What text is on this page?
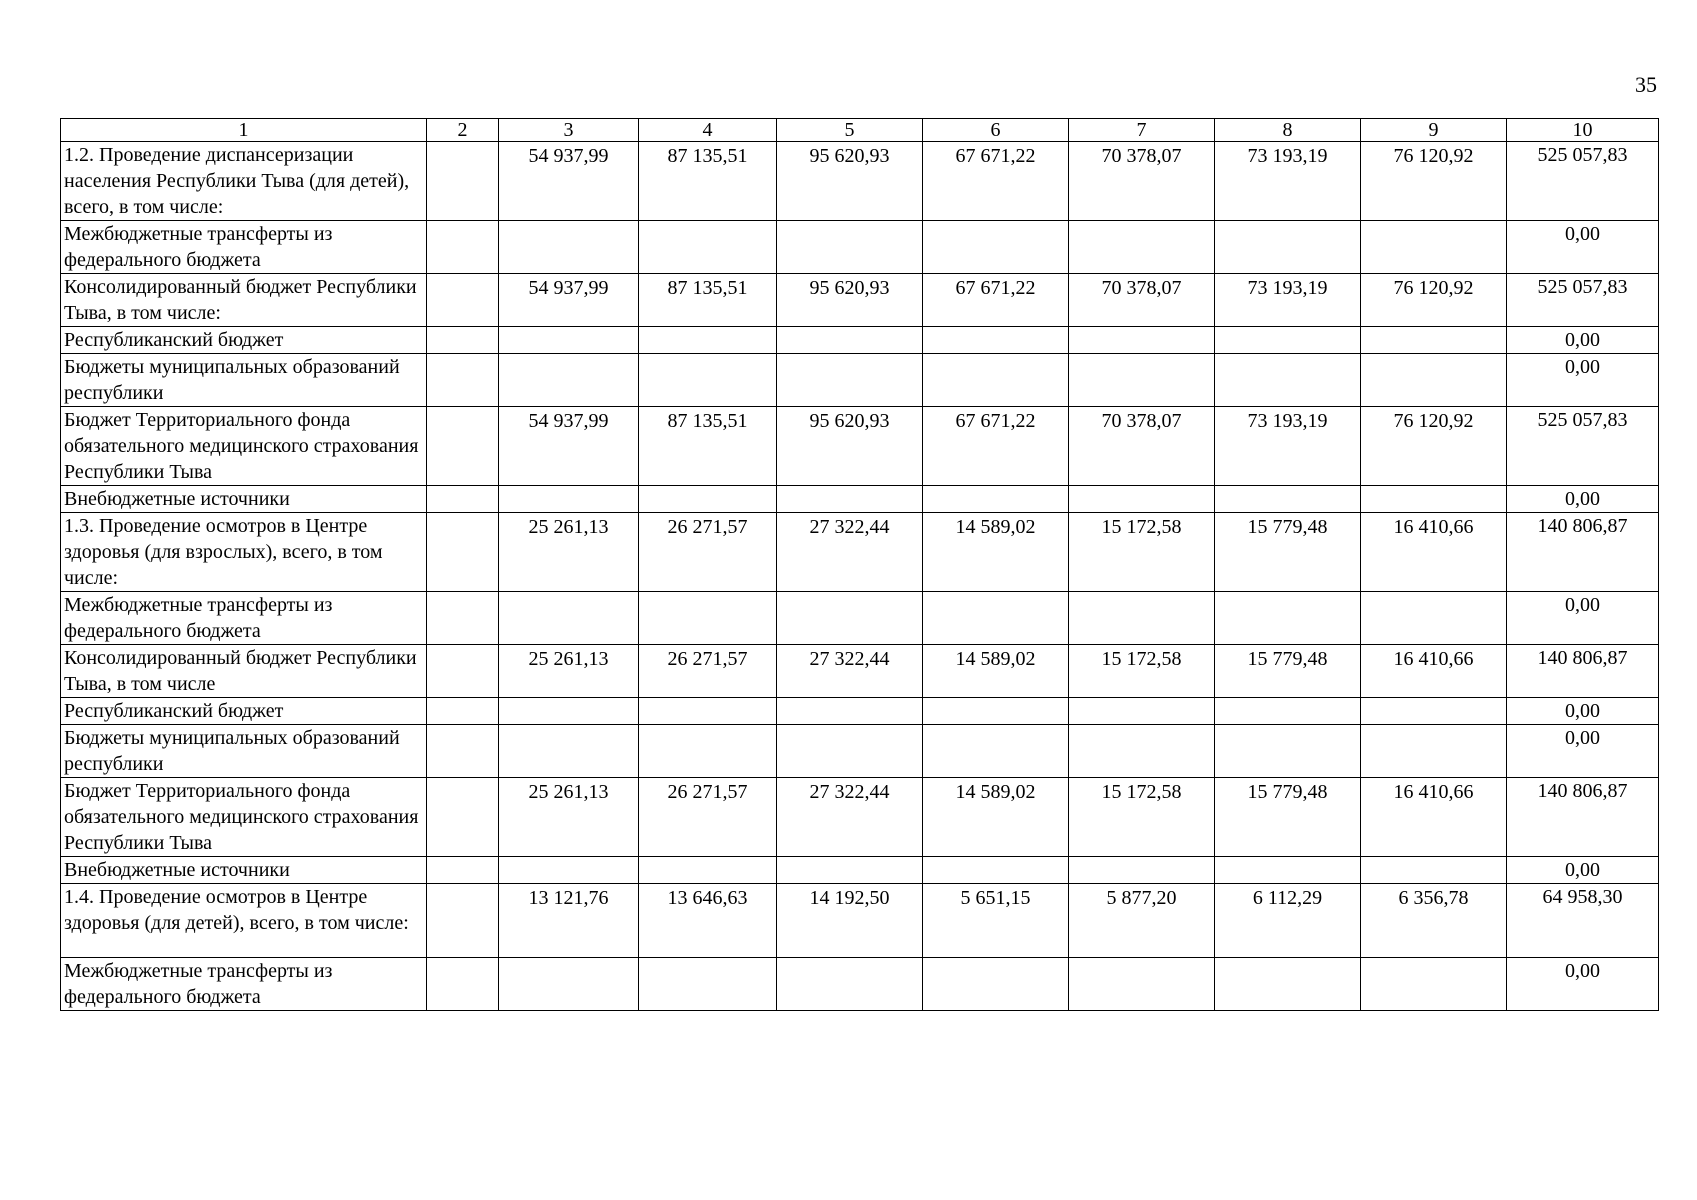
35
1	2	3	4	5	6	7	8	9	10
1.2. Проведение диспансеризации населения Республики Тыва (для детей), всего, в том числе:		54 937,99	87 135,51	95 620,93	67 671,22	70 378,07	73 193,19	76 120,92	525 057,83
Межбюджетные трансферты из федерального бюджета									0,00
Консолидированный бюджет Республики Тыва, в том числе:		54 937,99	87 135,51	95 620,93	67 671,22	70 378,07	73 193,19	76 120,92	525 057,83
Республиканский бюджет									0,00
Бюджеты муниципальных образований республики									0,00
Бюджет Территориального фонда обязательного медицинского страхования Республики Тыва		54 937,99	87 135,51	95 620,93	67 671,22	70 378,07	73 193,19	76 120,92	525 057,83
Внебюджетные источники									0,00
1.3. Проведение осмотров в Центре здоровья (для взрослых), всего, в том числе:		25 261,13	26 271,57	27 322,44	14 589,02	15 172,58	15 779,48	16 410,66	140 806,87
Межбюджетные трансферты из федерального бюджета									0,00
Консолидированный бюджет Республики Тыва, в том числе		25 261,13	26 271,57	27 322,44	14 589,02	15 172,58	15 779,48	16 410,66	140 806,87
Республиканский бюджет									0,00
Бюджеты муниципальных образований республики									0,00
Бюджет Территориального фонда обязательного медицинского страхования Республики Тыва		25 261,13	26 271,57	27 322,44	14 589,02	15 172,58	15 779,48	16 410,66	140 806,87
Внебюджетные источники									0,00
1.4. Проведение осмотров в Центре здоровья (для детей), всего, в том числе:		13 121,76	13 646,63	14 192,50	5 651,15	5 877,20	6 112,29	6 356,78	64 958,30
Межбюджетные трансферты из федерального бюджета									0,00
